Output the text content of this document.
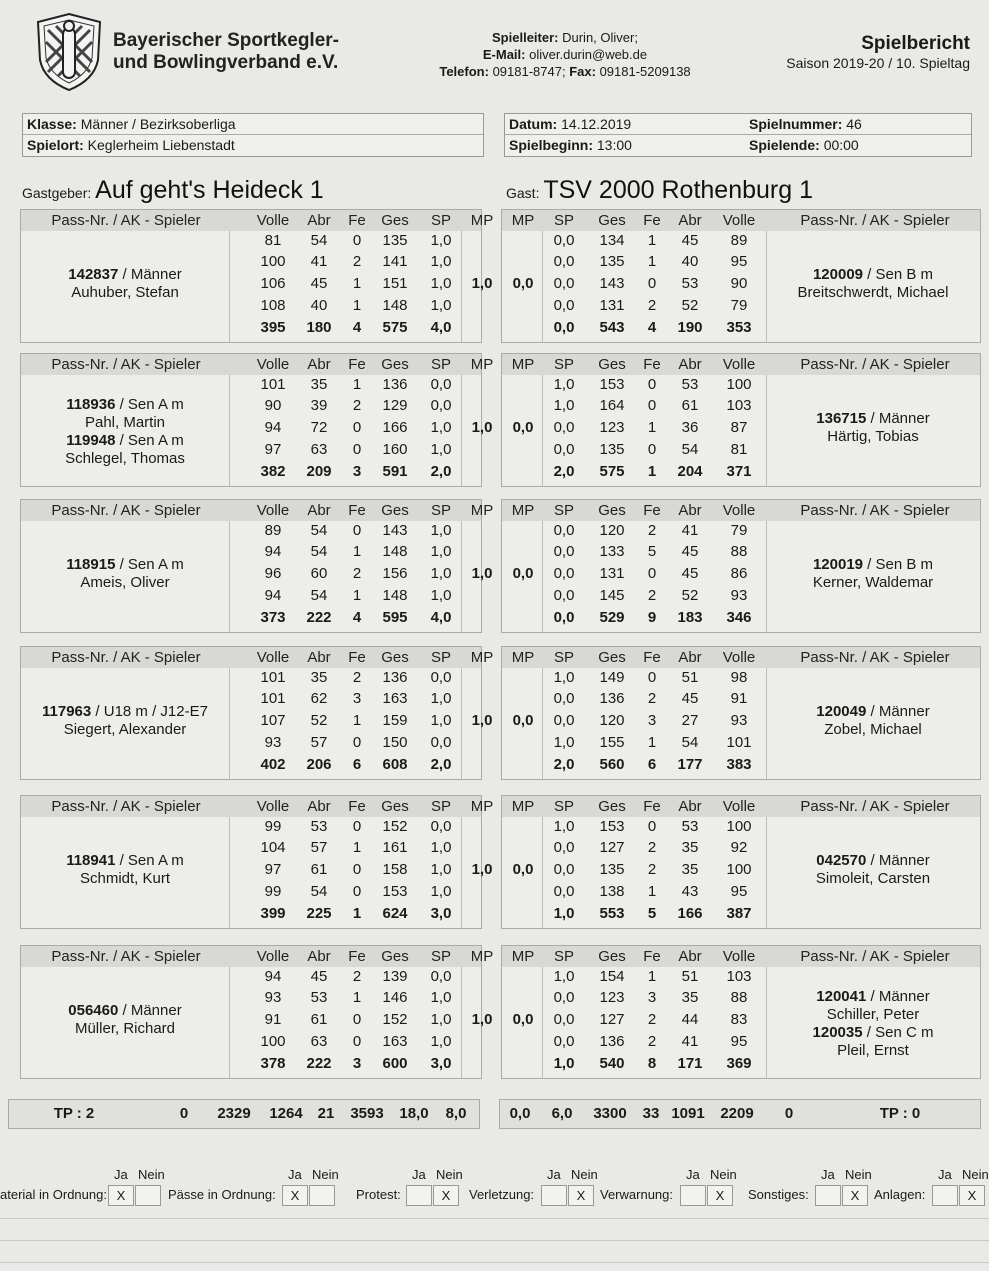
Bayerischer Sportkegler-
und Bowlingverband e.V.
Spielleiter: Durin, Oliver;
E-Mail: oliver.durin@web.de
Telefon: 09181-8747; Fax: 09181-5209138
Spielbericht
Saison 2019-20 / 10. Spieltag
Klasse: Männer / Bezirksoberliga
Spielort: Keglerheim Liebenstadt
Datum: 14.12.2019	Spielnummer: 46
Spielbeginn: 13:00	Spielende: 00:00
Gastgeber: Auf geht's Heideck 1	Gast: TSV 2000 Rothenburg 1
Pass-Nr. / AK - Spieler	Volle	Abr	Fe	Ges	SP	MP
81	54	0	135	1,0
100	41	2	141	1,0
106	45	1	151	1,0
108	40	1	148	1,0
395	180	4	575	4,0
1,0
142837 / Männer
Auhuber, Stefan
Pass-Nr. / AK - Spieler
MP	SP	Ges	Fe	Abr	Volle
0,0	134	1	45	89
0,0	135	1	40	95
0,0	143	0	53	90
0,0	131	2	52	79
0,0	543	4	190	353
0,0
120009 / Sen B m
Breitschwerdt, Michael
Pass-Nr. / AK - Spieler	Volle	Abr	Fe	Ges	SP	MP
101	35	1	136	0,0
90	39	2	129	0,0
94	72	0	166	1,0
97	63	0	160	1,0
382	209	3	591	2,0
1,0
118936 / Sen A m
Pahl, Martin
119948 / Sen A m
Schlegel, Thomas
Pass-Nr. / AK - Spieler
MP	SP	Ges	Fe	Abr	Volle
1,0	153	0	53	100
1,0	164	0	61	103
0,0	123	1	36	87
0,0	135	0	54	81
2,0	575	1	204	371
0,0
136715 / Männer
Härtig, Tobias
Pass-Nr. / AK - Spieler	Volle	Abr	Fe	Ges	SP	MP
89	54	0	143	1,0
94	54	1	148	1,0
96	60	2	156	1,0
94	54	1	148	1,0
373	222	4	595	4,0
1,0
118915 / Sen A m
Ameis, Oliver
Pass-Nr. / AK - Spieler
MP	SP	Ges	Fe	Abr	Volle
0,0	120	2	41	79
0,0	133	5	45	88
0,0	131	0	45	86
0,0	145	2	52	93
0,0	529	9	183	346
0,0
120019 / Sen B m
Kerner, Waldemar
Pass-Nr. / AK - Spieler	Volle	Abr	Fe	Ges	SP	MP
101	35	2	136	0,0
101	62	3	163	1,0
107	52	1	159	1,0
93	57	0	150	0,0
402	206	6	608	2,0
1,0
117963 / U18 m / J12-E7
Siegert, Alexander
Pass-Nr. / AK - Spieler
MP	SP	Ges	Fe	Abr	Volle
1,0	149	0	51	98
0,0	136	2	45	91
0,0	120	3	27	93
1,0	155	1	54	101
2,0	560	6	177	383
0,0
120049 / Männer
Zobel, Michael
Pass-Nr. / AK - Spieler	Volle	Abr	Fe	Ges	SP	MP
99	53	0	152	0,0
104	57	1	161	1,0
97	61	0	158	1,0
99	54	0	153	1,0
399	225	1	624	3,0
1,0
118941 / Sen A m
Schmidt, Kurt
Pass-Nr. / AK - Spieler
MP	SP	Ges	Fe	Abr	Volle
1,0	153	0	53	100
0,0	127	2	35	92
0,0	135	2	35	100
0,0	138	1	43	95
1,0	553	5	166	387
0,0
042570 / Männer
Simoleit, Carsten
Pass-Nr. / AK - Spieler	Volle	Abr	Fe	Ges	SP	MP
94	45	2	139	0,0
93	53	1	146	1,0
91	61	0	152	1,0
100	63	0	163	1,0
378	222	3	600	3,0
1,0
056460 / Männer
Müller, Richard
Pass-Nr. / AK - Spieler
MP	SP	Ges	Fe	Abr	Volle
1,0	154	1	51	103
0,0	123	3	35	88
0,0	127	2	44	83
0,0	136	2	41	95
1,0	540	8	171	369
0,0
120041 / Männer
Schiller, Peter
120035 / Sen C m
Pleil, Ernst
TP : 2	0	2329	1264 21	3593	18,0	8,0	0,0	6,0	3300	33 1091	2209	0	TP : 0
aterial in Ordnung:
Ja Nein
X	Pässe in Ordnung:
Ja Nein
X	Protest:
Ja Nein
X	Verletzung:
Ja Nein
X	Verwarnung:
Ja Nein
X	Sonstiges:
Ja Nein
X	Anlagen:
Ja Nein
X
